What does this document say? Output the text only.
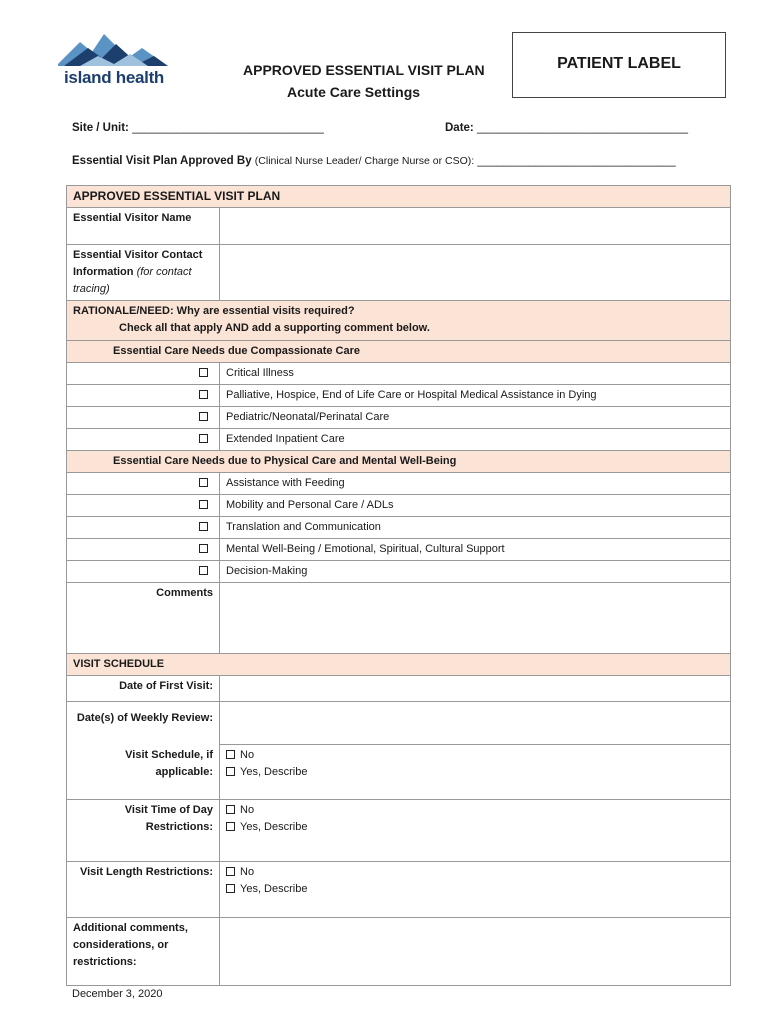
island health	APPROVED ESSENTIAL VISIT PLAN
Acute Care Settings
PATIENT LABEL
Site / Unit: ______________________________	Date: _________________________________
Essential Visit Plan Approved By (Clinical Nurse Leader/ Charge Nurse or CSO): _______________________________
APPROVED ESSENTIAL VISIT PLAN	
Essential Visitor Name	
Essential Visitor Contact Information (for contact tracing)	

RATIONALE/NEED: Why are essential visits required?
Check all that apply AND add a supporting comment below.	

Essential Care Needs due Compassionate Care	
	Critical Illness
	Palliative, Hospice, End of Life Care or Hospital Medical Assistance in Dying
	Pediatric/Neonatal/Perinatal Care
	Extended Inpatient Care
Essential Care Needs due to Physical Care and Mental Well-Being	
	Assistance with Feeding
	Mobility and Personal Care / ADLs
	Translation and Communication
	Mental Well-Being / Emotional, Spiritual, Cultural Support
	Decision-Making
Comments	
VISIT SCHEDULE	
Date of First Visit:	
Date(s) of Weekly Review:	
Visit Schedule, if applicable:	No
Yes, Describe

Visit Time of Day Restrictions:	No
Yes, Describe

Visit Length Restrictions:	No
Yes, Describe

Additional comments, considerations, or restrictions:	
December 3, 2020
